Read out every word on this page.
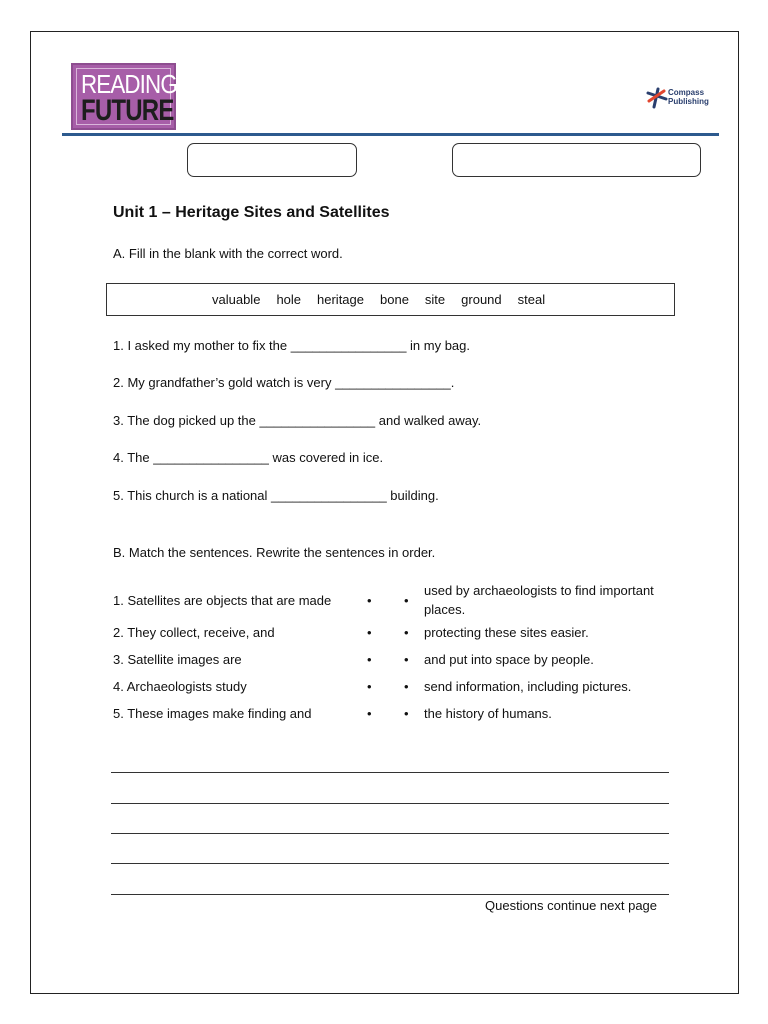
READING
FUTURE
Compass
Publishing
Unit 1 – Heritage Sites and Satellites
A. Fill in the blank with the correct word.
valuable hole heritage bone site ground steal
1. I asked my mother to fix the ________________ in my bag.
2. My grandfather’s gold watch is very ________________.
3. The dog picked up the ________________ and walked away.
4. The ________________ was covered in ice.
5. This church is a national ________________ building.
B. Match the sentences. Rewrite the sentences in order.
1. Satellites are objects that are made
2. They collect, receive, and
3. Satellite images are
4. Archaeologists study
5. These images make finding and
•
•
•
•
•
•
•
•
•
•
used by archaeologists to find important places.
protecting these sites easier.
and put into space by people.
send information, including pictures.
the history of humans.
Questions continue next page
